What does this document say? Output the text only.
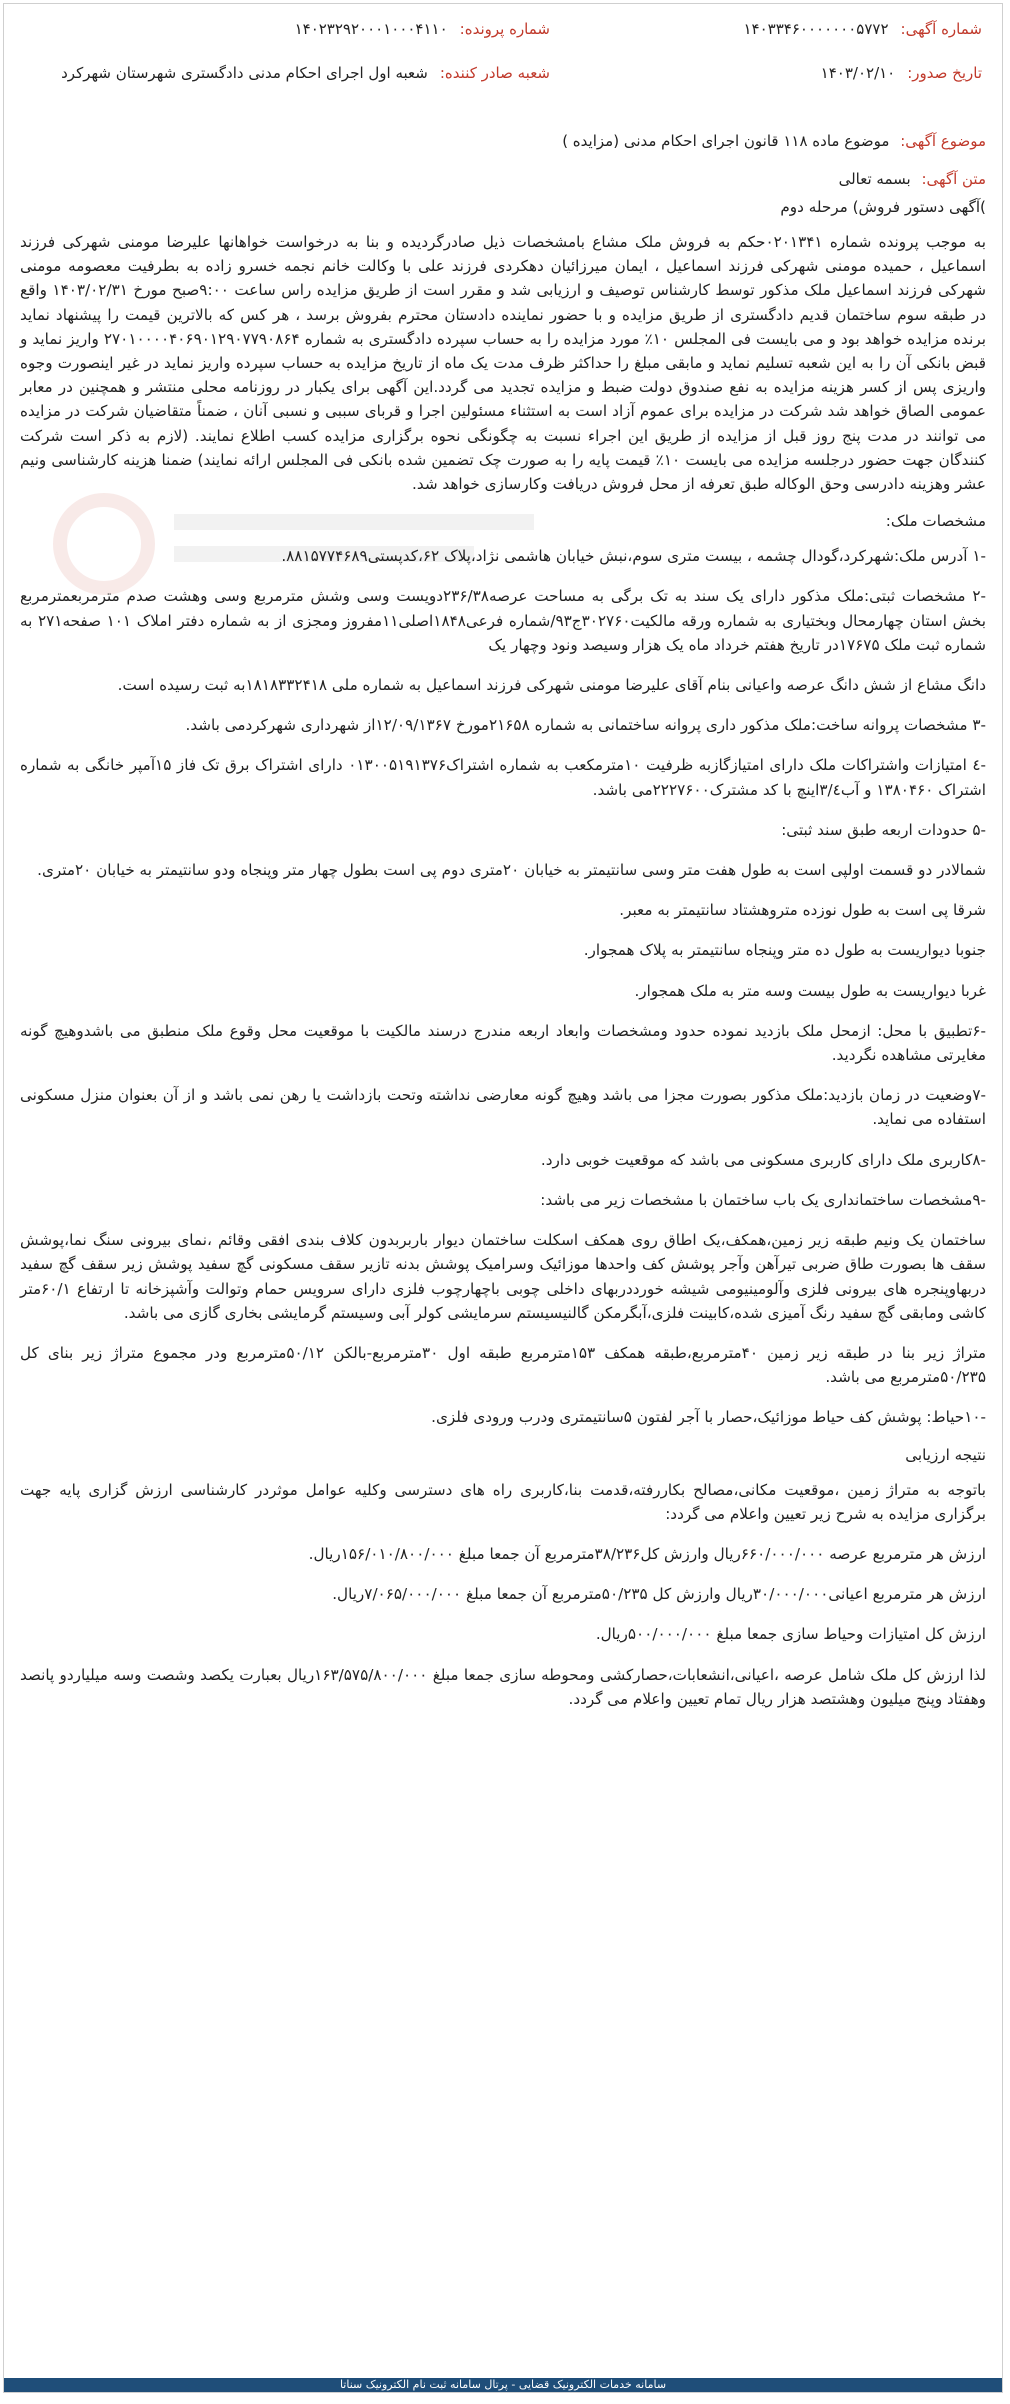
شماره آگهی:
۱۴۰۳۳۴۶۰۰۰۰۰۰۰۵۷۷۲
شماره پرونده:
۱۴۰۲۳۲۹۲۰۰۰۱۰۰۰۴۱۱۰
تاریخ صدور:
۱۴۰۳/۰۲/۱۰
شعبه صادر کننده:
شعبه اول اجرای احکام مدنی دادگستری شهرستان شهرکرد
موضوع آگهی: موضوع ماده ۱۱۸ قانون اجرای احکام مدنی (مزایده )
متن آگهی: بسمه تعالی
)آگهی دستور فروش) مرحله دوم

به موجب پرونده شماره ۰۲۰۱۳۴۱حکم به فروش ملک مشاع بامشخصات ذیل صادرگردیده و بنا به درخواست خواهانها علیرضا مومنی شهرکی فرزند اسماعیل ، حمیده مومنی شهرکی فرزند اسماعیل ، ایمان میرزائیان دهکردی فرزند علی با وکالت خانم نجمه خسرو زاده به بطرفیت معصومه مومنی شهرکی فرزند اسماعیل ملک مذکور توسط کارشناس توصیف و ارزیابی شد و مقرر است از طریق مزایده راس ساعت ۹:۰۰صبح مورخ ۱۴۰۳/۰۲/۳۱ واقع در طبقه سوم ساختمان قدیم دادگستری از طریق مزایده و با حضور نماینده دادستان محترم بفروش برسد ، هر کس که بالاترین قیمت را پیشنهاد نماید برنده مزایده خواهد بود و می بایست فی المجلس ۱۰٪ مورد مزایده را به حساب سپرده دادگستری به شماره ۲۷۰۱۰۰۰۰۴۰۶۹۰۱۲۹۰۷۷۹۰۸۶۴ واریز نماید و قبض بانکی آن را به این شعبه تسلیم نماید و مابقی مبلغ را حداکثر ظرف مدت یک ماه از تاریخ مزایده به حساب سپرده واریز نماید در غیر اینصورت وجوه واریزی پس از کسر هزینه مزایده به نفع صندوق دولت ضبط و مزایده تجدید می گردد.این آگهی برای یکبار در روزنامه محلی منتشر و همچنین در معابر عمومی الصاق خواهد شد شرکت در مزایده برای عموم آزاد است به استثناء مسئولین اجرا و قربای سببی و نسبی آنان ، ضمناً متقاضیان شرکت در مزایده می توانند در مدت پنج روز قبل از مزایده از طریق این اجراء نسبت به چگونگی نحوه برگزاری مزایده کسب اطلاع نمایند. (لازم به ذکر است شرکت کنندگان جهت حضور درجلسه مزایده می بایست ۱۰٪ قیمت پایه را به صورت چک تضمین شده بانکی فی المجلس ارائه نمایند) ضمنا هزینه کارشناسی ونیم عشر وهزینه دادرسی وحق الوکاله طبق تعرفه از محل فروش دریافت وکارسازی خواهد شد.

مشخصات ملک:

-۱ آدرس ملک:شهرکرد،گودال چشمه ، بیست متری سوم،نبش خیابان هاشمی نژاد،پلاک ۶۲،کدپستی۸۸۱۵۷۷۴۶۸۹.

-۲ مشخصات ثبتی:ملک مذکور دارای یک سند به تک برگی به مساحت عرصه۲۳۶/۳۸دویست وسی وشش مترمربع وسی وهشت صدم مترمربعمترمربع بخش استان چهارمحال وبختیاری به شماره ورقه مالکیت۳۰۲۷۶۰ج۹۳/شماره فرعی۱۸۴۸اصلی۱۱مفروز ومجزی از به شماره دفتر املاک ۱۰۱ صفحه۲۷۱ به شماره ثبت ملک ۱۷۶۷۵در تاریخ هفتم خرداد ماه یک هزار وسیصد ونود وچهار یک

دانگ مشاع از شش دانگ عرصه واعیانی بنام آقای علیرضا مومنی شهرکی فرزند اسماعیل به شماره ملی ۱۸۱۸۳۳۲۴۱۸به ثبت رسیده است.

-۳ مشخصات پروانه ساخت:ملک مذکور داری پروانه ساختمانی به شماره ۲۱۶۵۸مورخ ۱۲/۰۹/۱۳۶۷از شهرداری شهرکردمی باشد.

-٤ امتیازات واشتراکات ملک دارای امتیازگازبه ظرفیت ۱۰مترمکعب به شماره اشتراک۰۱۳۰۰۵۱۹۱۳۷۶ دارای اشتراک برق تک فاز ۱۵آمپر خانگی به شماره اشتراک ۱۳۸۰۴۶۰ و آب۳/٤اینچ با کد مشترک۲۲۲۷۶۰۰می باشد.

-۵ حدودات اربعه طبق سند ثبتی:

شمالادر دو قسمت اولپی است به طول هفت متر وسی سانتیمتر به خیابان ۲۰متری دوم پی است بطول چهار متر وپنجاه ودو سانتیمتر به خیابان ۲۰متری.

شرقا پی است به طول نوزده متروهشتاد سانتیمتر به معبر.

جنوبا دیواریست به طول ده متر وپنجاه سانتیمتر به پلاک همجوار.

غربا دیواریست به طول بیست وسه متر به ملک همجوار.

-۶تطبیق با محل: ازمحل ملک بازدید نموده حدود ومشخصات وابعاد اربعه مندرج درسند مالکیت با موقعیت محل وقوع ملک منطبق می باشدوهیچ گونه مغایرتی مشاهده نگردید.

-۷وضعیت در زمان بازدید:ملک مذکور بصورت مجزا می باشد وهیچ گونه معارضی نداشته وتحت بازداشت یا رهن نمی باشد و از آن بعنوان منزل مسکونی استفاده می نماید.

-۸کاربری ملک دارای کاربری مسکونی می باشد که موقعیت خوبی دارد.

-۹مشخصات ساختمانداری یک باب ساختمان با مشخصات زیر می باشد:

ساختمان یک ونیم طبقه زیر زمین،همکف،یک اطاق روی همکف اسکلت ساختمان دیوار باربربدون کلاف بندی افقی وقائم ،نمای بیرونی سنگ نما،پوشش سقف ها بصورت طاق ضربی تیرآهن وآجر پوشش کف واحدها موزائیک وسرامیک پوشش بدنه تازیر سقف مسکونی گچ سفید پوشش زیر سقف گچ سفید دربهاوپنجره های بیرونی فلزی وآلومینیومی شیشه خورددربهای داخلی چوبی باچهارچوب فلزی دارای سرویس حمام وتوالت وآشپزخانه تا ارتفاع ۶۰/۱متر کاشی ومابقی گچ سفید رنگ آمیزی شده،کابینت فلزی،آبگرمکن گالنیسیستم سرمایشی کولر آبی وسیستم گرمایشی بخاری گازی می باشد.

متراژ زیر بنا در طبقه زیر زمین ۴۰مترمربع،طبقه همکف ۱۵۳مترمربع طبقه اول ۳۰مترمربع-بالکن ۵۰/۱۲مترمربع ودر مجموع متراژ زیر بنای کل ۵۰/۲۳۵مترمربع می باشد.

-۱۰حیاط: پوشش کف حیاط موزائیک،حصار با آجر لفتون ۵سانتیمتری ودرب ورودی فلزی.

نتیجه ارزیابی

باتوجه به متراژ زمین ،موقعیت مکانی،مصالح بکاررفته،قدمت بنا،کاربری راه های دسترسی وکلیه عوامل موثردر کارشناسی ارزش گزاری پایه جهت برگزاری مزایده به شرح زیر تعیین واعلام می گردد:

ارزش هر مترمربع عرصه ۶۶۰/۰۰۰/۰۰۰ریال وارزش کل۳۸/۲۳۶مترمربع آن جمعا مبلغ ۱۵۶/۰۱۰/۸۰۰/۰۰۰ریال.

ارزش هر مترمربع اعیانی۳۰/۰۰۰/۰۰۰ریال وارزش کل ۵۰/۲۳۵مترمربع آن جمعا مبلغ ۷/۰۶۵/۰۰۰/۰۰۰ریال.

ارزش کل امتیازات وحیاط سازی جمعا مبلغ ۵۰۰/۰۰۰/۰۰۰ریال.

لذا ارزش کل ملک شامل عرصه ،اعیانی،انشعابات،حصارکشی ومحوطه سازی جمعا مبلغ ۱۶۳/۵۷۵/۸۰۰/۰۰۰ریال بعبارت یکصد وشصت وسه میلیاردو پانصد وهفتاد وپنج میلیون وهشتصد هزار ریال تمام تعیین واعلام می گردد.

سامانه خدمات الکترونیک قضایی - پرتال سامانه ثبت نام الکترونیک سناتا
